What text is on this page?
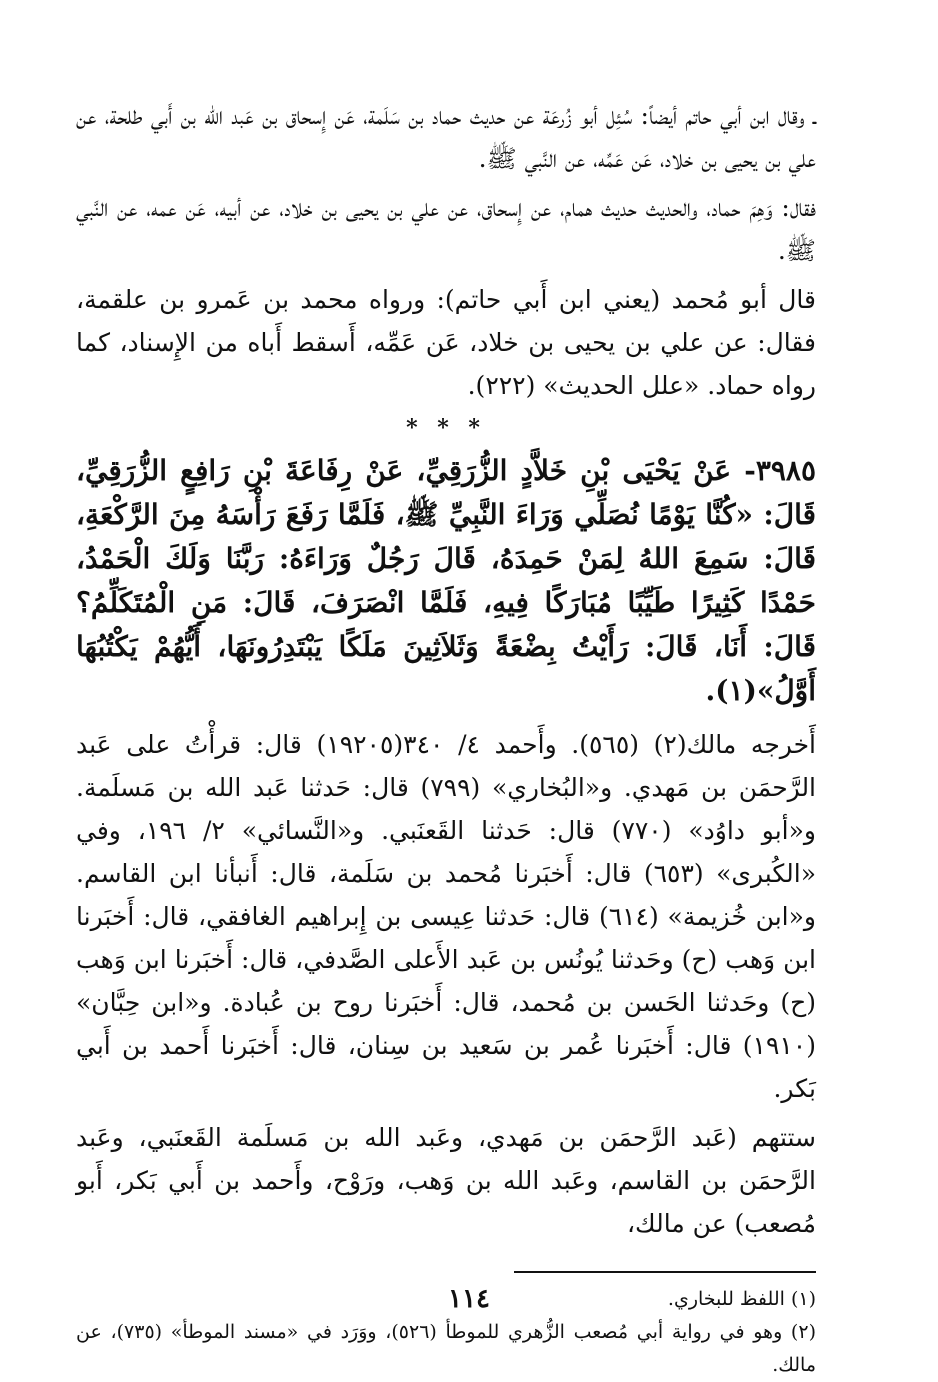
ـ وقال ابن أبي حاتم أيضاً: سُئِل أبو زُرعَة عن حديث حماد بن سَلَمة، عَن إِسحاق بن عَبد الله بن أَبي طلحة، عن علي بن يحيى بن خلاد، عَن عَمِّه، عن النَّبي ﷺ.

فقال: وَهِمَ حماد، والحديث حديث همام، عن إِسحاق، عن علي بن يحيى بن خلاد، عن أبيه، عَن عمه، عن النَّبي ﷺ.

قال أبو مُحمد (يعني ابن أَبي حاتم): ورواه محمد بن عَمرو بن علقمة، فقال: عن علي بن يحيى بن خلاد، عَن عَمِّه، أَسقط أَباه من الإِسناد، كما رواه حماد. «علل الحديث» (٢٢٢).

* * *

٣٩٨٥- عَنْ يَحْيَى بْنِ خَلاَّدٍ الزُّرَقِيِّ، عَنْ رِفَاعَةَ بْنِ رَافِعٍ الزُّرَقِيِّ، قَالَ: «كُنَّا يَوْمًا نُصَلِّي وَرَاءَ النَّبِيِّ ﷺ، فَلَمَّا رَفَعَ رَأْسَهُ مِنَ الرَّكْعَةِ، قَالَ: سَمِعَ اللهُ لِمَنْ حَمِدَهُ، قَالَ رَجُلٌ وَرَاءَهُ: رَبَّنَا وَلَكَ الْحَمْدُ، حَمْدًا كَثِيرًا طَيِّبًا مُبَارَكًا فِيهِ، فَلَمَّا انْصَرَفَ، قَالَ: مَنِ الْمُتَكَلِّمُ؟ قَالَ: أَنَا، قَالَ: رَأَيْتُ بِضْعَةً وَثَلاَثِينَ مَلَكًا يَبْتَدِرُونَهَا، أَيُّهُمْ يَكْتُبُهَا أَوَّلُ»(١).

أَخرجه مالك(٢) (٥٦٥). وأَحمد ٤/ ٣٤٠(١٩٢٠٥) قال: قرأْتُ على عَبد الرَّحمَن بن مَهدي. و«البُخاري» (٧٩٩) قال: حَدثنا عَبد الله بن مَسلَمة. و«أبو داوُد» (٧٧٠) قال: حَدثنا القَعنَبي. و«النَّسائي» ٢/ ١٩٦، وفي «الكُبرى» (٦٥٣) قال: أَخبَرنا مُحمد بن سَلَمة، قال: أَنبأنا ابن القاسم. و«ابن خُزيمة» (٦١٤) قال: حَدثنا عِيسى بن إِبراهيم الغافقي، قال: أَخبَرنا ابن وَهب (ح) وحَدثنا يُونُس بن عَبد الأَعلى الصَّدفي، قال: أَخبَرنا ابن وَهب (ح) وحَدثنا الحَسن بن مُحمد، قال: أَخبَرنا روح بن عُبادة. و«ابن حِبَّان» (١٩١٠) قال: أَخبَرنا عُمر بن سَعيد بن سِنان، قال: أَخبَرنا أَحمد بن أَبي بَكر.

ستتهم (عَبد الرَّحمَن بن مَهدي، وعَبد الله بن مَسلَمة القَعنَبي، وعَبد الرَّحمَن بن القاسم، وعَبد الله بن وَهب، ورَوْح، وأَحمد بن أَبي بَكر، أَبو مُصعب) عن مالك،

(١) اللفظ للبخاري.

(٢) وهو في رواية أبي مُصعب الزُّهري للموطأ (٥٢٦)، ووَرَد في «مسند الموطأ» (٧٣٥)، عن مالك.

١١٤
